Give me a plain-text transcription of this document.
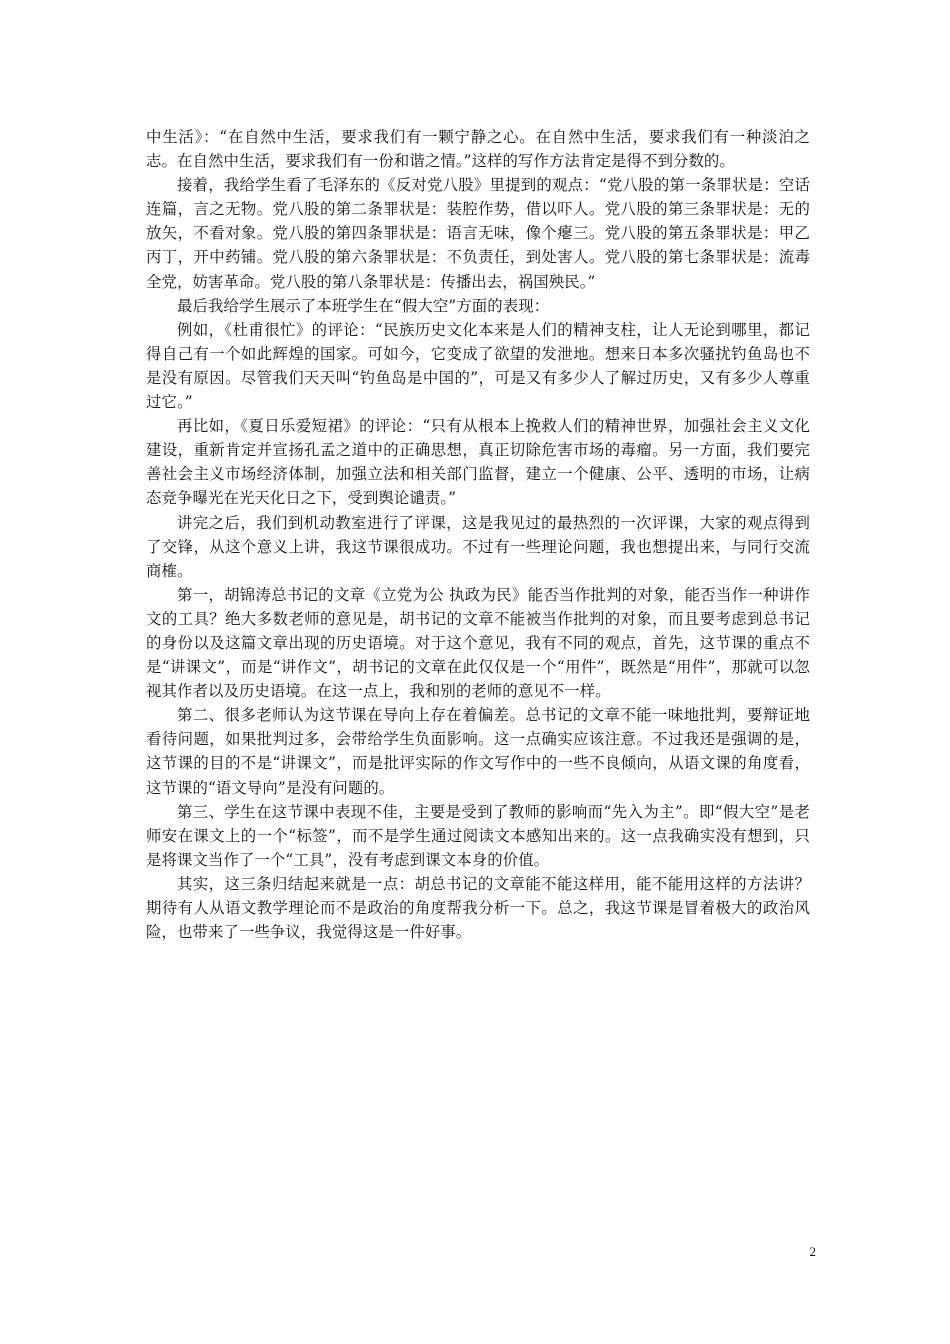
中生活》：“在自然中生活，要求我们有一颗宁静之心。在自然中生活，要求我们有一种淡泊之志。在自然中生活，要求我们有一份和谐之情。”这样的写作方法肯定是得不到分数的。

接着，我给学生看了毛泽东的《反对党八股》里提到的观点：“党八股的第一条罪状是：空话连篇，言之无物。党八股的第二条罪状是：装腔作势，借以吓人。党八股的第三条罪状是：无的放矢，不看对象。党八股的第四条罪状是：语言无味，像个瘪三。党八股的第五条罪状是：甲乙丙丁，开中药铺。党八股的第六条罪状是：不负责任，到处害人。党八股的第七条罪状是：流毒全党，妨害革命。党八股的第八条罪状是：传播出去，祸国殃民。”

最后我给学生展示了本班学生在“假大空”方面的表现：

例如，《杜甫很忙》的评论：“民族历史文化本来是人们的精神支柱，让人无论到哪里，都记得自己有一个如此辉煌的国家。可如今，它变成了欲望的发泄地。想来日本多次骚扰钓鱼岛也不是没有原因。尽管我们天天叫“钓鱼岛是中国的”，可是又有多少人了解过历史，又有多少人尊重过它。”

再比如，《夏日乐爱短裙》的评论：“只有从根本上挽救人们的精神世界，加强社会主义文化建设，重新肯定并宣扬孔孟之道中的正确思想，真正切除危害市场的毒瘤。另一方面，我们要完善社会主义市场经济体制，加强立法和相关部门监督，建立一个健康、公平、透明的市场，让病态竞争曝光在光天化日之下，受到舆论谴责。”

讲完之后，我们到机动教室进行了评课，这是我见过的最热烈的一次评课，大家的观点得到了交锋，从这个意义上讲，我这节课很成功。不过有一些理论问题，我也想提出来，与同行交流商榷。

第一，胡锦涛总书记的文章《立党为公 执政为民》能否当作批判的对象，能否当作一种讲作文的工具？绝大多数老师的意见是，胡书记的文章不能被当作批判的对象，而且要考虑到总书记的身份以及这篇文章出现的历史语境。对于这个意见，我有不同的观点，首先，这节课的重点不是“讲课文”，而是“讲作文”，胡书记的文章在此仅仅是一个“用件”，既然是“用件”，那就可以忽视其作者以及历史语境。在这一点上，我和别的老师的意见不一样。

第二、很多老师认为这节课在导向上存在着偏差。总书记的文章不能一味地批判，要辩证地看待问题，如果批判过多，会带给学生负面影响。这一点确实应该注意。不过我还是强调的是，这节课的目的不是“讲课文”，而是批评实际的作文写作中的一些不良倾向，从语文课的角度看，这节课的“语文导向”是没有问题的。

第三、学生在这节课中表现不佳，主要是受到了教师的影响而“先入为主”。即“假大空”是老师安在课文上的一个“标签”，而不是学生通过阅读文本感知出来的。这一点我确实没有想到，只是将课文当作了一个“工具”，没有考虑到课文本身的价值。

其实，这三条归结起来就是一点：胡总书记的文章能不能这样用，能不能用这样的方法讲？期待有人从语文教学理论而不是政治的角度帮我分析一下。总之，我这节课是冒着极大的政治风险，也带来了一些争议，我觉得这是一件好事。

2
